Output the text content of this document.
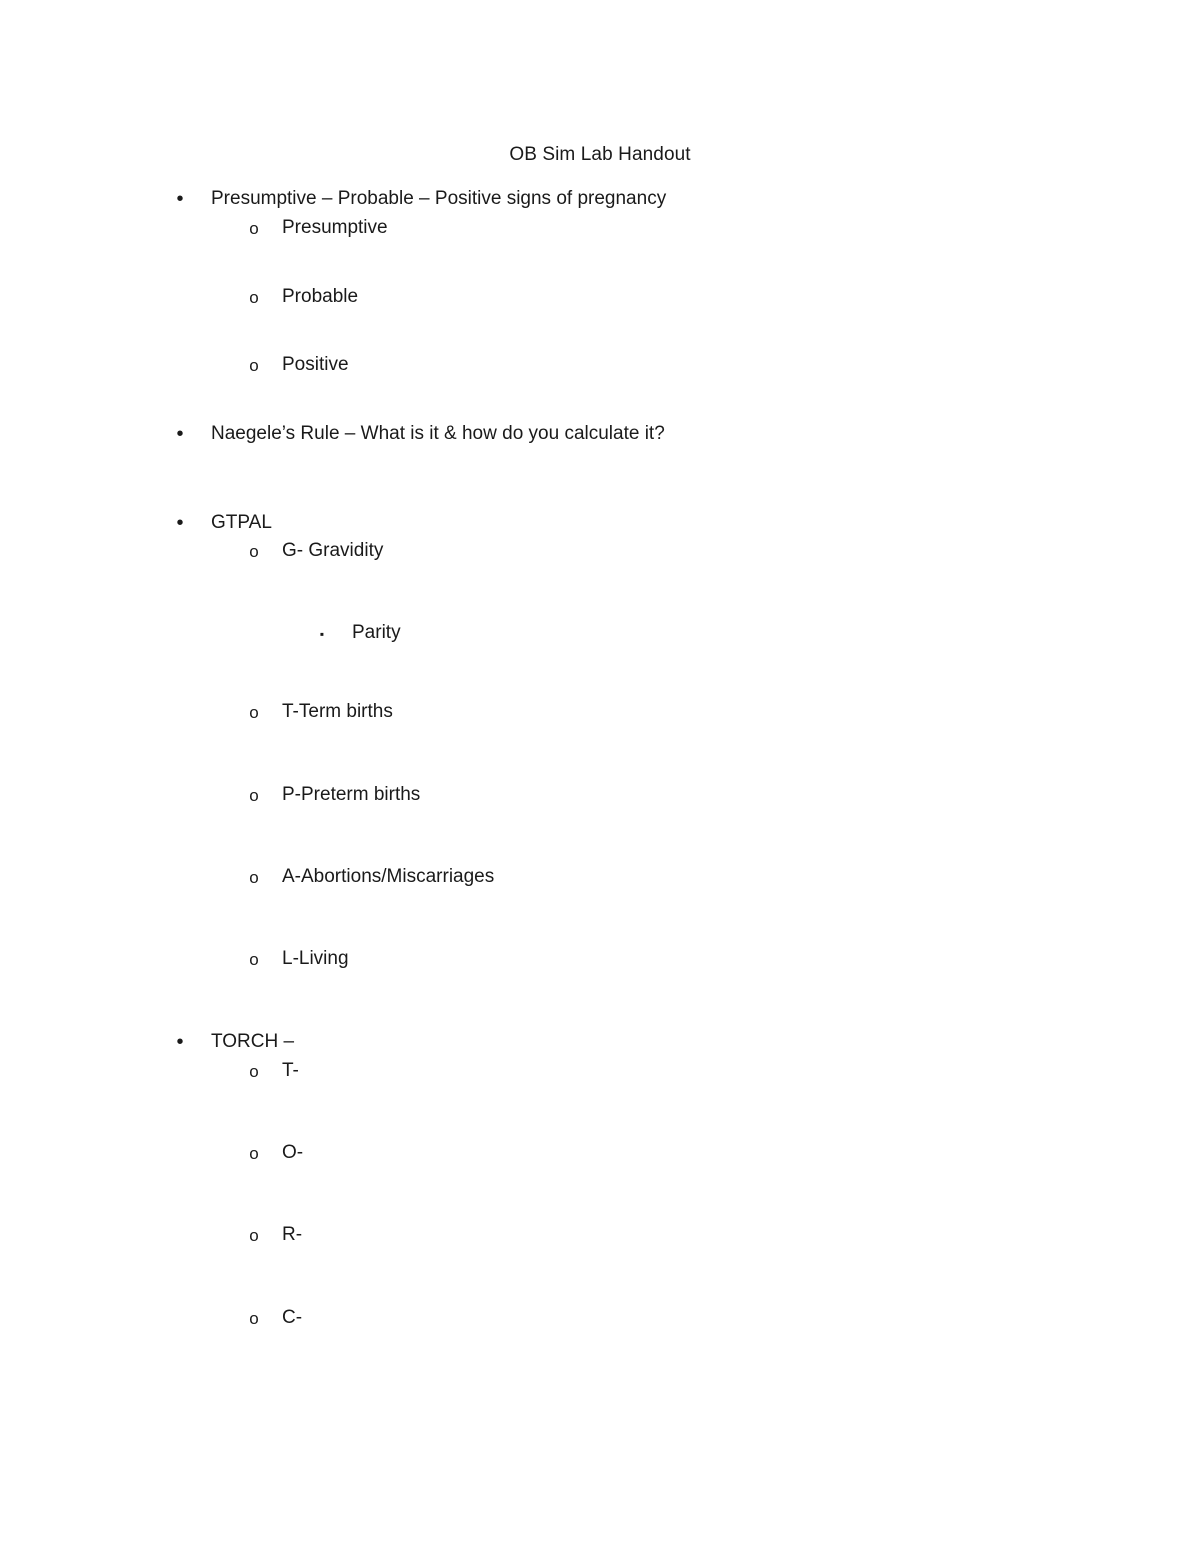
OB Sim Lab Handout
•	Presumptive – Probable – Positive signs of pregnancy
o Presumptive
o Probable
o Positive
•	Naegele’s Rule – What is it & how do you calculate it?
•	GTPAL
o G- Gravidity
▪	Parity
o T-Term births
o P-Preterm births
o A-Abortions/Miscarriages
o L-Living
•	TORCH –
o T-
o O-
o R-
o C-
